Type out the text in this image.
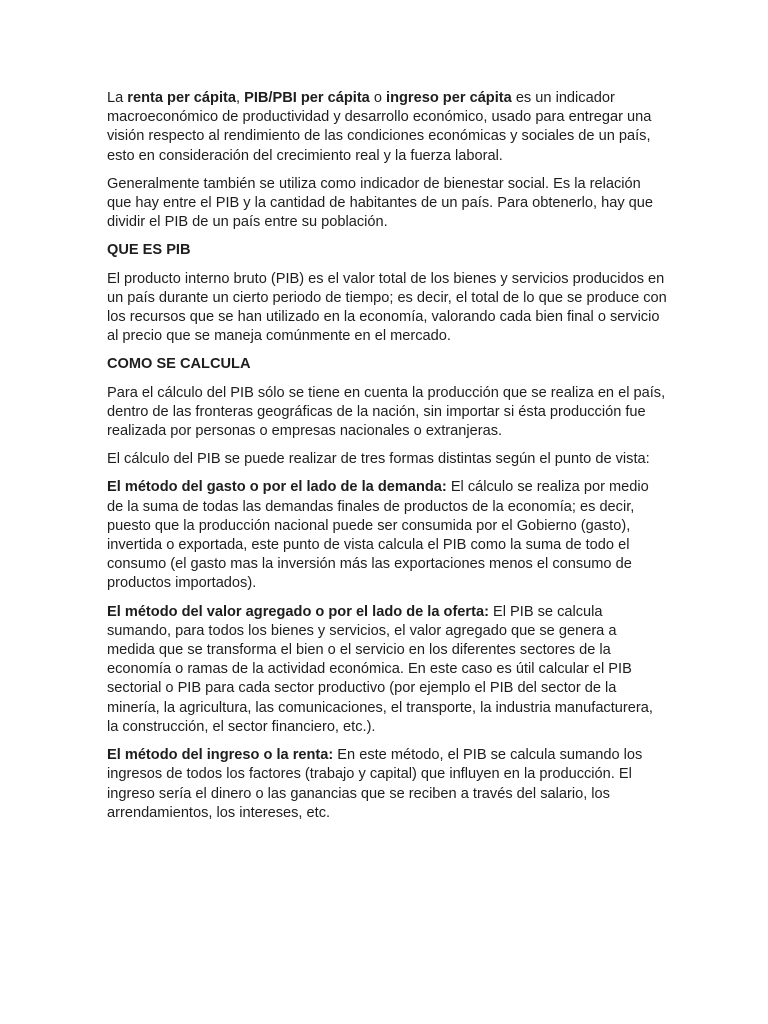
La renta per cápita, PIB/PBI per cápita o ingreso per cápita es un indicador macroeconómico de productividad y desarrollo económico, usado para entregar una visión respecto al rendimiento de las condiciones económicas y sociales de un país, esto en consideración del crecimiento real y la fuerza laboral.

Generalmente también se utiliza como indicador de bienestar social. Es la relación que hay entre el PIB y la cantidad de habitantes de un país. Para obtenerlo, hay que dividir el PIB de un país entre su población.

QUE ES PIB

El producto interno bruto (PIB) es el valor total de los bienes y servicios producidos en un país durante un cierto periodo de tiempo; es decir, el total de lo que se produce con los recursos que se han utilizado en la economía, valorando cada bien final o servicio al precio que se maneja comúnmente en el mercado.

COMO SE CALCULA

Para el cálculo del PIB sólo se tiene en cuenta la producción que se realiza en el país, dentro de las fronteras geográficas de la nación, sin importar si ésta producción fue realizada por personas o empresas nacionales o extranjeras.

El cálculo del PIB se puede realizar de tres formas distintas según el punto de vista:

El método del gasto o por el lado de la demanda: El cálculo se realiza por medio de la suma de todas las demandas finales de productos de la economía; es decir, puesto que la producción nacional puede ser consumida por el Gobierno (gasto), invertida o exportada, este punto de vista calcula el PIB como la suma de todo el consumo (el gasto mas la inversión más las exportaciones menos el consumo de productos importados).

El método del valor agregado o por el lado de la oferta: El PIB se calcula sumando, para todos los bienes y servicios, el valor agregado que se genera a medida que se transforma el bien o el servicio en los diferentes sectores de la economía o ramas de la actividad económica. En este caso es útil calcular el PIB sectorial o PIB para cada sector productivo (por ejemplo el PIB del sector de la minería, la agricultura, las comunicaciones, el transporte, la industria manufacturera, la construcción, el sector financiero, etc.).

El método del ingreso o la renta: En este método, el PIB se calcula sumando los ingresos de todos los factores (trabajo y capital) que influyen en la producción. El ingreso sería el dinero o las ganancias que se reciben a través del salario, los arrendamientos, los intereses, etc.
